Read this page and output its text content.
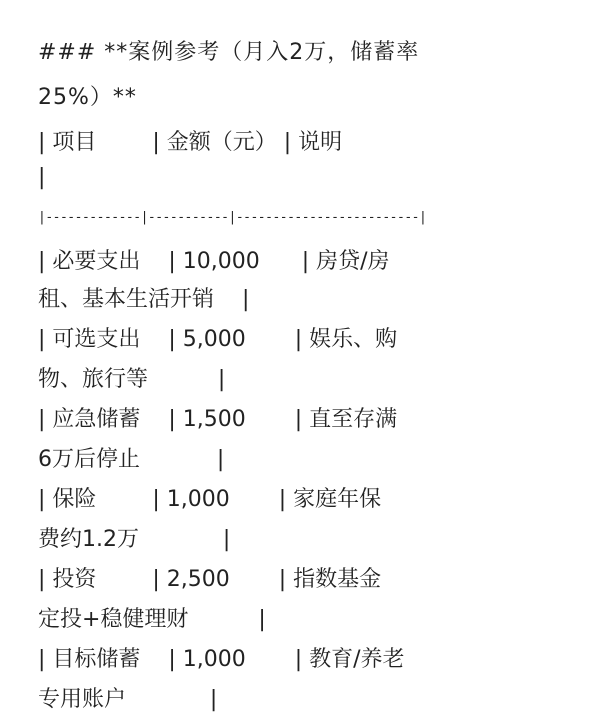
### **案例参考（月入2万，储蓄率

25%）**

| 项目        | 金额（元） | 说明

|

|-------------|-----------|-------------------------|

| 必要支出    | 10,000      | 房贷/房

租、基本生活开销    |

| 可选支出    | 5,000       | 娱乐、购

物、旅行等          |

| 应急储蓄    | 1,500       | 直至存满

6万后停止           |

| 保险        | 1,000       | 家庭年保

费约1.2万            |

| 投资        | 2,500       | 指数基金

定投+稳健理财          |

| 目标储蓄    | 1,000       | 教育/养老

专用账户            |
